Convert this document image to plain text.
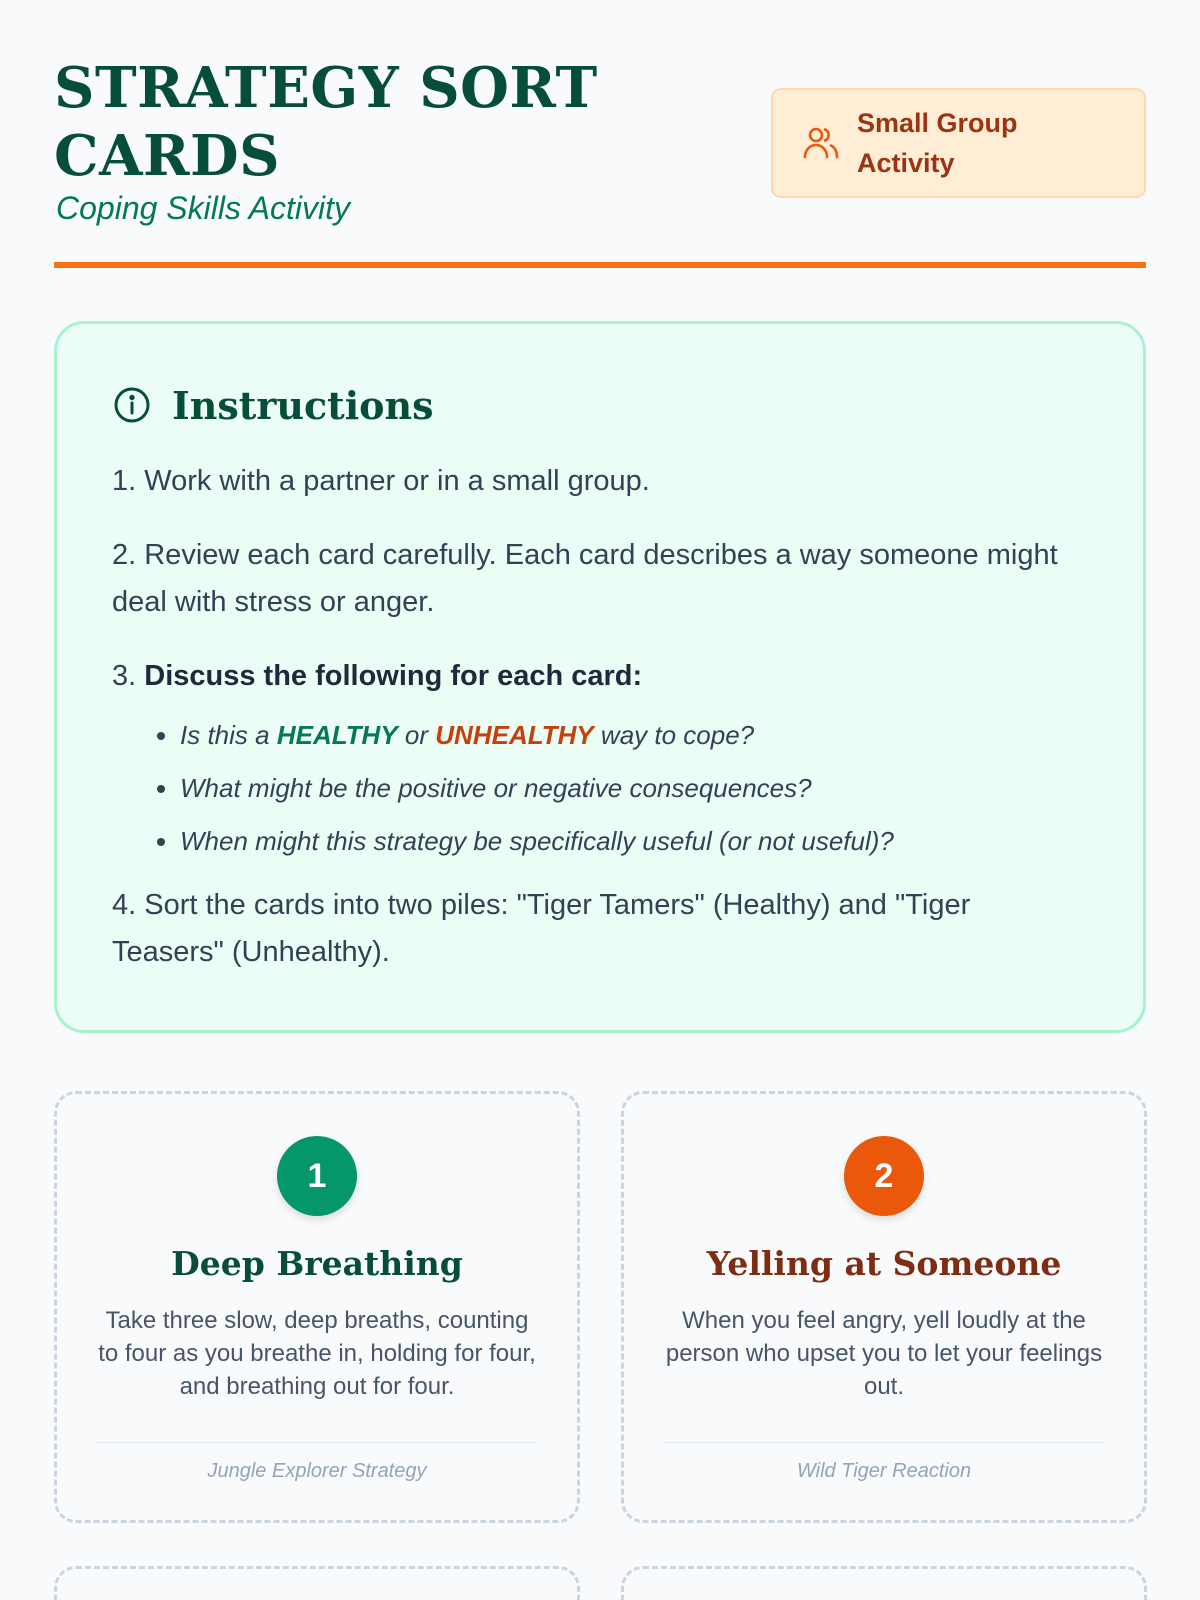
STRATEGY SORT CARDS
Coping Skills Activity
Small Group Activity
Instructions

1. Work with a partner or in a small group.

2. Review each card carefully. Each card describes a way someone might deal with stress or anger.

3. Discuss the following for each card:

• Is this a HEALTHY or UNHEALTHY way to cope?
• What might be the positive or negative consequences?
• When might this strategy be specifically useful (or not useful)?

4. Sort the cards into two piles: "Tiger Tamers" (Healthy) and "Tiger Teasers" (Unhealthy).

1
Deep Breathing
Take three slow, deep breaths, counting to four as you breathe in, holding for four, and breathing out for four.
Jungle Explorer Strategy
2
Yelling at Someone
When you feel angry, yell loudly at the person who upset you to let your feelings out.
Wild Tiger Reaction
